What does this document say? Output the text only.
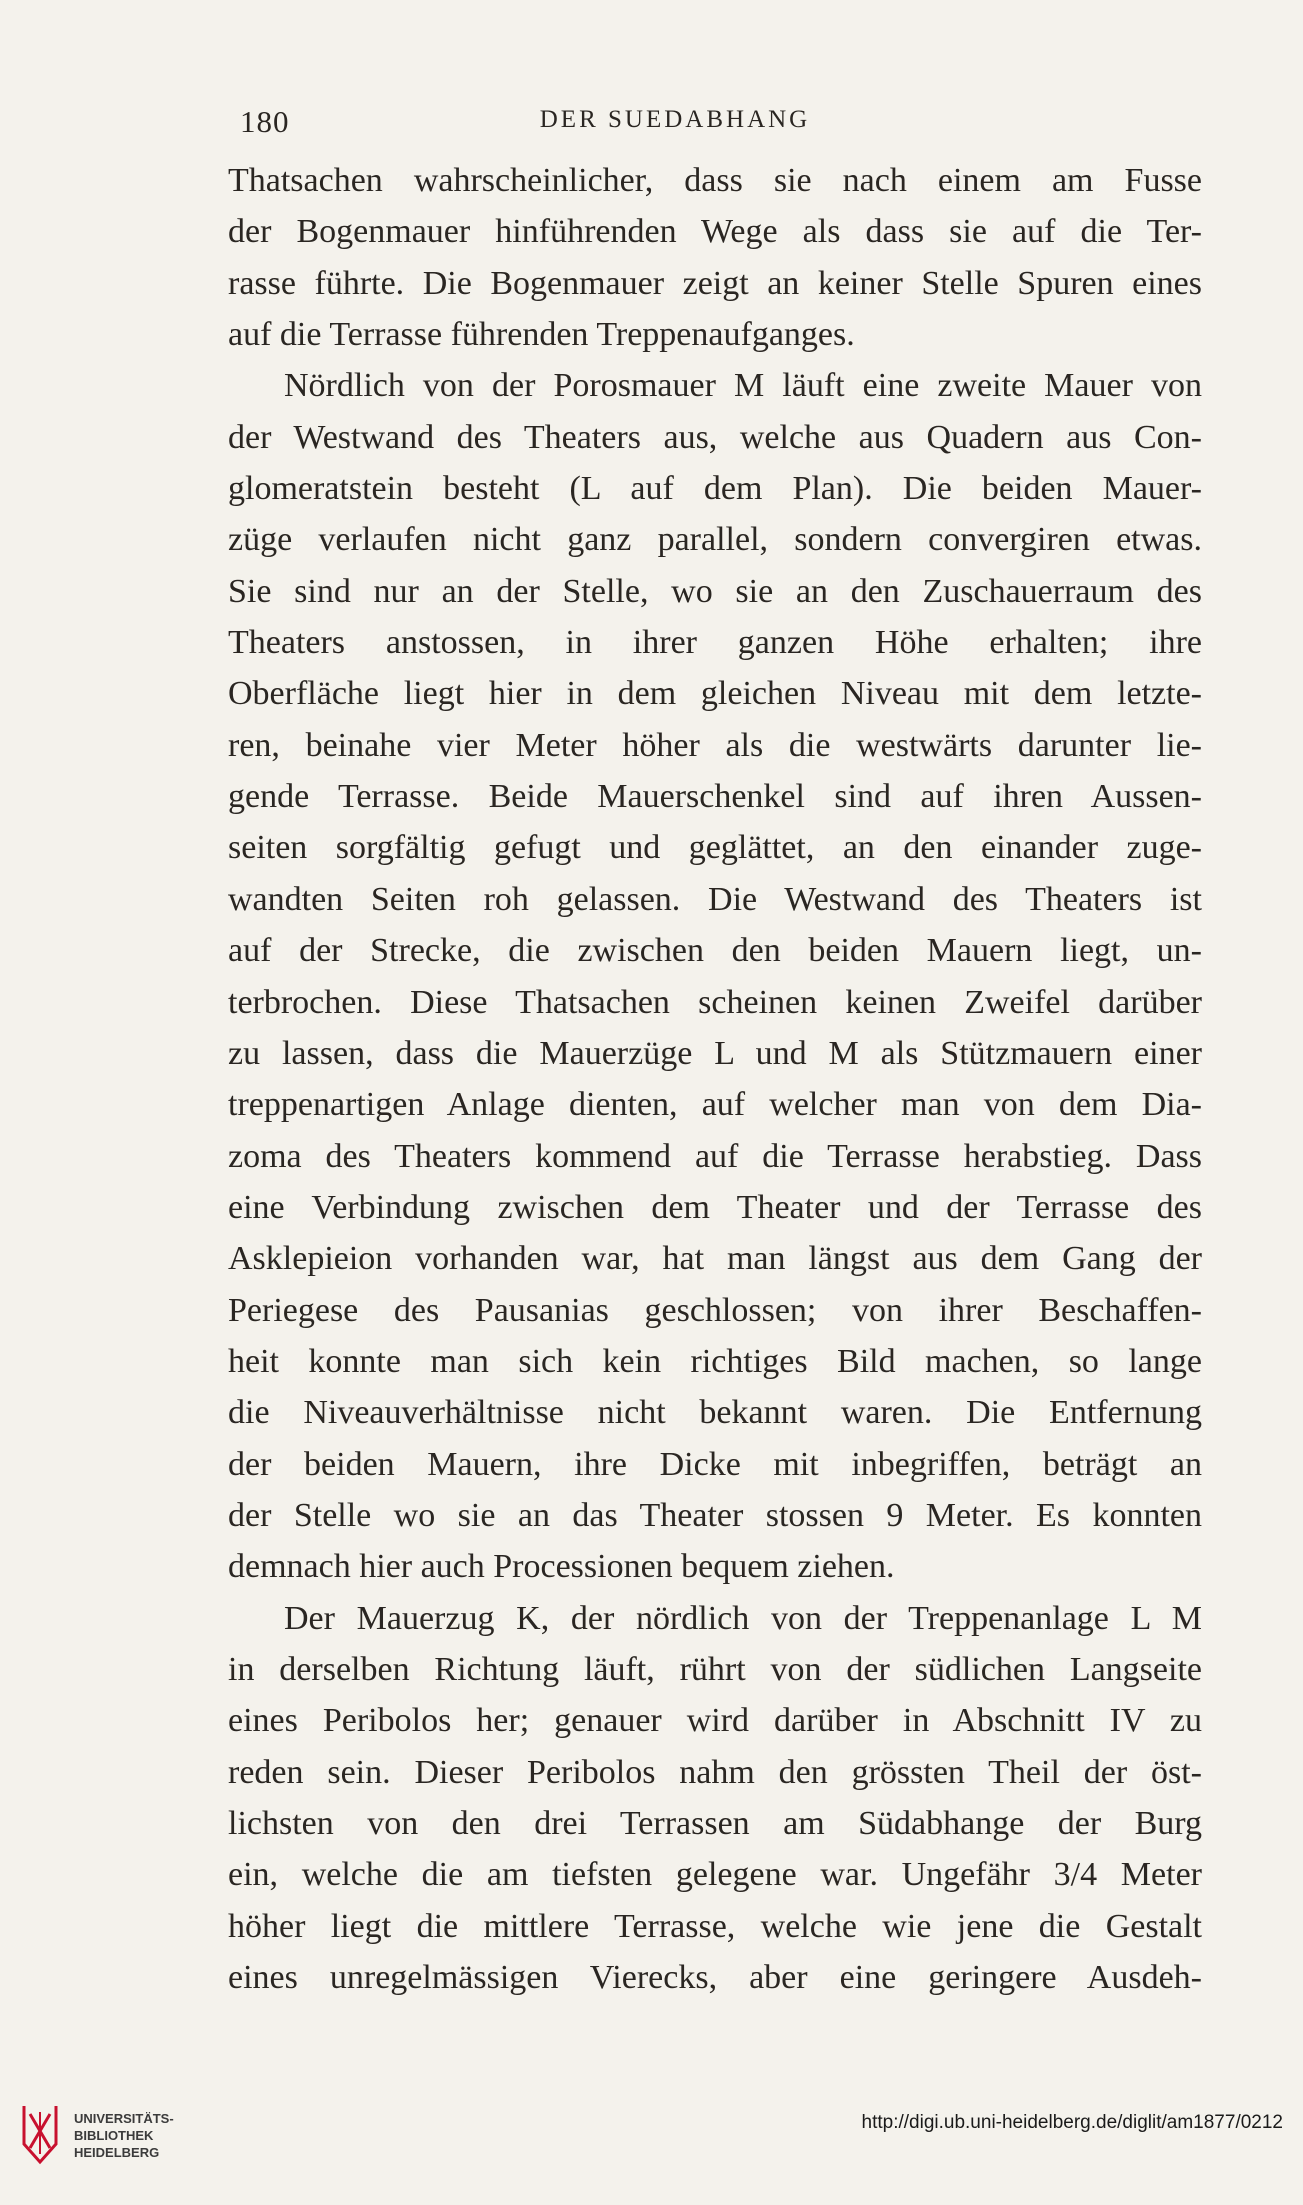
180	DER SUEDABHANG
Thatsachen wahrscheinlicher, dass sie nach einem am Fusse
der Bogenmauer hinführenden Wege als dass sie auf die Ter-
rasse führte. Die Bogenmauer zeigt an keiner Stelle Spuren eines
auf die Terrasse führenden Treppenaufganges.
Nördlich von der Porosmauer M läuft eine zweite Mauer von
der Westwand des Theaters aus, welche aus Quadern aus Con-
glomeratstein besteht (L auf dem Plan). Die beiden Mauer-
züge verlaufen nicht ganz parallel, sondern convergiren etwas.
Sie sind nur an der Stelle, wo sie an den Zuschauerraum des
Theaters anstossen, in ihrer ganzen Höhe erhalten; ihre
Oberfläche liegt hier in dem gleichen Niveau mit dem letzte-
ren, beinahe vier Meter höher als die westwärts darunter lie-
gende Terrasse. Beide Mauerschenkel sind auf ihren Aussen-
seiten sorgfältig gefugt und geglättet, an den einander zuge-
wandten Seiten roh gelassen. Die Westwand des Theaters ist
auf der Strecke, die zwischen den beiden Mauern liegt, un-
terbrochen. Diese Thatsachen scheinen keinen Zweifel darüber
zu lassen, dass die Mauerzüge L und M als Stützmauern einer
treppenartigen Anlage dienten, auf welcher man von dem Dia-
zoma des Theaters kommend auf die Terrasse herabstieg. Dass
eine Verbindung zwischen dem Theater und der Terrasse des
Asklepieion vorhanden war, hat man längst aus dem Gang der
Periegese des Pausanias geschlossen; von ihrer Beschaffen-
heit konnte man sich kein richtiges Bild machen, so lange
die Niveauverhältnisse nicht bekannt waren. Die Entfernung
der beiden Mauern, ihre Dicke mit inbegriffen, beträgt an
der Stelle wo sie an das Theater stossen 9 Meter. Es konnten
demnach hier auch Processionen bequem ziehen.
Der Mauerzug K, der nördlich von der Treppenanlage L M
in derselben Richtung läuft, rührt von der südlichen Langseite
eines Peribolos her; genauer wird darüber in Abschnitt IV zu
reden sein. Dieser Peribolos nahm den grössten Theil der öst-
lichsten von den drei Terrassen am Südabhange der Burg
ein, welche die am tiefsten gelegene war. Ungefähr 3/4 Meter
höher liegt die mittlere Terrasse, welche wie jene die Gestalt
eines unregelmässigen Vierecks, aber eine geringere Ausdeh-
UNIVERSITÄTS-
BIBLIOTHEK
HEIDELBERG
http://digi.ub.uni-heidelberg.de/diglit/am1877/0212
